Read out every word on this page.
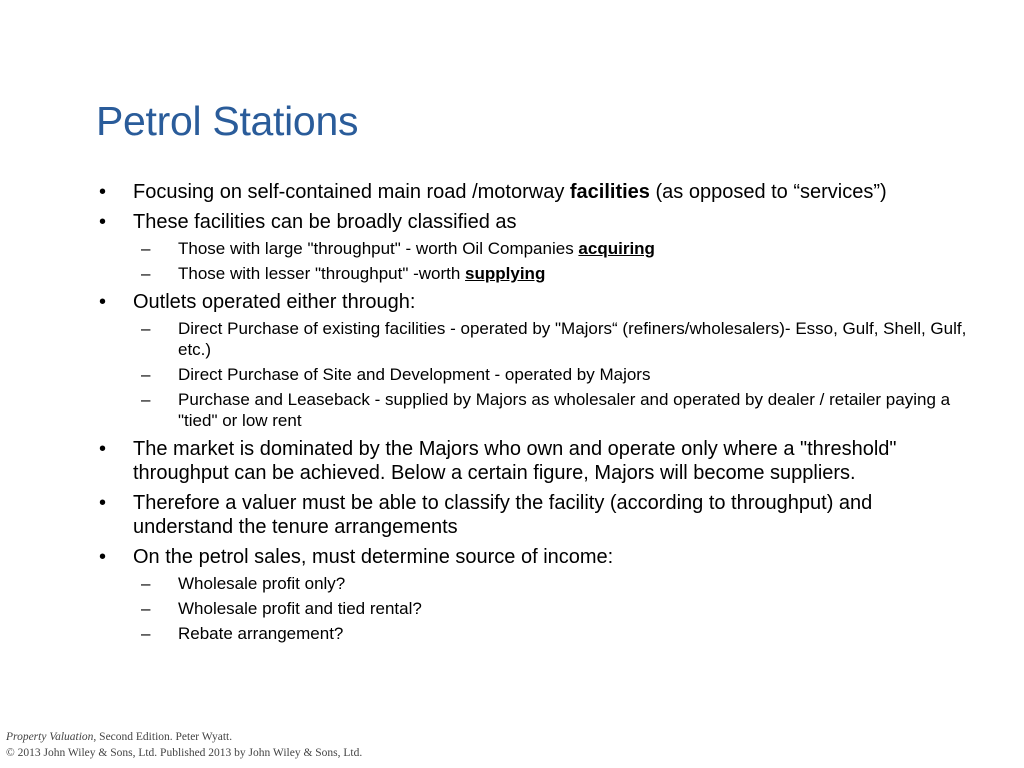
Petrol Stations
• Focusing on self-contained main road /motorway facilities (as opposed to “services”)
• These facilities can be broadly classified as
– Those with large "throughput" - worth Oil Companies acquiring
– Those with lesser "throughput" -worth supplying
• Outlets operated either through:
– Direct Purchase of existing facilities - operated by "Majors“ (refiners/wholesalers)- Esso, Gulf, Shell, Gulf, etc.)
– Direct Purchase of Site and Development - operated by Majors
– Purchase and Leaseback - supplied by Majors as wholesaler and operated by dealer / retailer paying a "tied" or low rent
• The market is dominated by the Majors who own and operate only where a "threshold" throughput can be achieved. Below a certain figure, Majors will become suppliers.
• Therefore a valuer must be able to classify the facility (according to throughput) and understand the tenure arrangements
• On the petrol sales, must determine source of income:
– Wholesale profit only?
– Wholesale profit and tied rental?
– Rebate arrangement?
Property Valuation, Second Edition. Peter Wyatt.
© 2013 John Wiley & Sons, Ltd. Published 2013 by John Wiley & Sons, Ltd.
